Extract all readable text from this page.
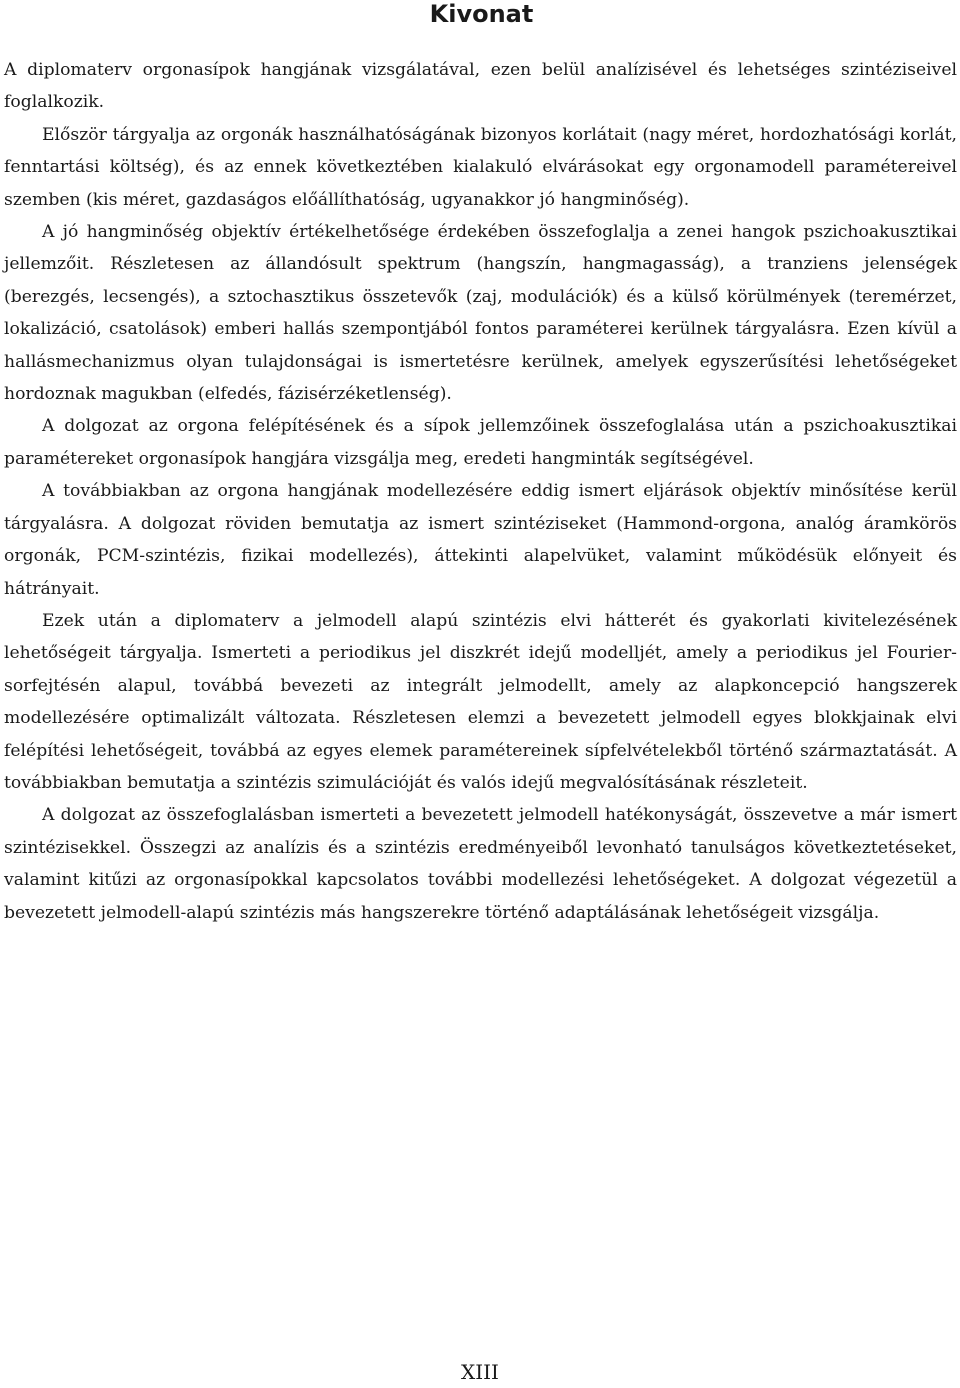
Kivonat

A diplomaterv orgonasípok hangjának vizsgálatával, ezen belül analízisével és lehetséges szintéziseivel foglalkozik.

Először tárgyalja az orgonák használhatóságának bizonyos korlátait (nagy méret, hordozhatósági korlát, fenntartási költség), és az ennek következtében kialakuló elvárásokat egy orgonamodell paramétereivel szemben (kis méret, gazdaságos előállíthatóság, ugyanakkor jó hangminőség).

A jó hangminőség objektív értékelhetősége érdekében összefoglalja a zenei hangok pszichoakusztikai jellemzőit. Részletesen az állandósult spektrum (hangszín, hangmagasság), a tranziens jelenségek (berezgés, lecsengés), a sztochasztikus összetevők (zaj, modulációk) és a külső körülmények (teremérzet, lokalizáció, csatolások) emberi hallás szempontjából fontos paraméterei kerülnek tárgyalásra. Ezen kívül a hallásmechanizmus olyan tulajdonságai is ismertetésre kerülnek, amelyek egyszerűsítési lehetőségeket hordoznak magukban (elfedés, fázisérzéketlenség).

A dolgozat az orgona felépítésének és a sípok jellemzőinek összefoglalása után a pszichoakusztikai paramétereket orgonasípok hangjára vizsgálja meg, eredeti hangminták segítségével.

A továbbiakban az orgona hangjának modellezésére eddig ismert eljárások objektív minősítése kerül tárgyalásra. A dolgozat röviden bemutatja az ismert szintéziseket (Hammond-orgona, analóg áramkörös orgonák, PCM-szintézis, fizikai modellezés), áttekinti alapelvüket, valamint működésük előnyeit és hátrányait.

Ezek után a diplomaterv a jelmodell alapú szintézis elvi hátterét és gyakorlati kivitelezésének lehetőségeit tárgyalja. Ismerteti a periodikus jel diszkrét idejű modelljét, amely a periodikus jel Fourier-sorfejtésén alapul, továbbá bevezeti az integrált jelmodellt, amely az alapkoncepció hangszerek modellezésére optimalizált változata. Részletesen elemzi a bevezetett jelmodell egyes blokkjainak elvi felépítési lehetőségeit, továbbá az egyes elemek paramétereinek sípfelvételekből történő származtatását. A továbbiakban bemutatja a szintézis szimulációját és valós idejű megvalósításának részleteit.

A dolgozat az összefoglalásban ismerteti a bevezetett jelmodell hatékonyságát, összevetve a már ismert szintézisekkel. Összegzi az analízis és a szintézis eredményeiből levonható tanulságos következtetéseket, valamint kitűzi az orgonasípokkal kapcsolatos további modellezési lehetőségeket. A dolgozat végezetül a bevezetett jelmodell-alapú szintézis más hangszerekre történő adaptálásának lehetőségeit vizsgálja.

XIII
